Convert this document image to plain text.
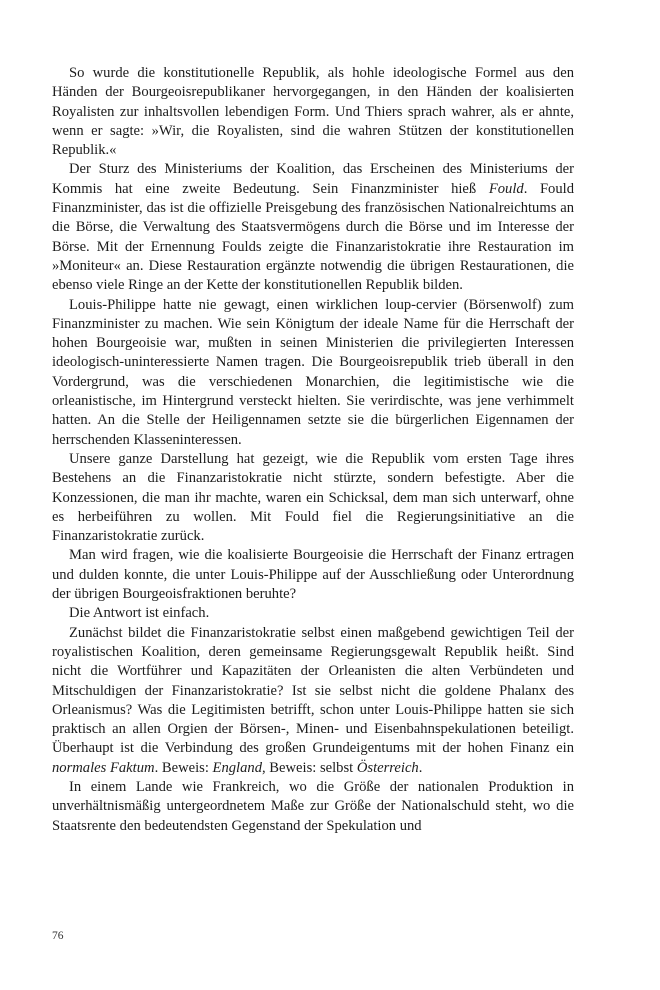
So wurde die konstitutionelle Republik, als hohle ideologische Formel aus den Händen der Bourgeoisrepublikaner hervorgegangen, in den Händen der koalisierten Royalisten zur inhaltsvollen lebendigen Form. Und Thiers sprach wahrer, als er ahnte, wenn er sagte: »Wir, die Royalisten, sind die wahren Stützen der konstitutionellen Republik.«

Der Sturz des Ministeriums der Koalition, das Erscheinen des Ministeriums der Kommis hat eine zweite Bedeutung. Sein Finanzminister hieß Fould. Fould Finanzminister, das ist die offizielle Preisgebung des französischen Nationalreichtums an die Börse, die Verwaltung des Staatsvermögens durch die Börse und im Interesse der Börse. Mit der Ernennung Foulds zeigte die Finanzaristokratie ihre Restauration im »Moniteur« an. Diese Restauration ergänzte notwendig die übrigen Restaurationen, die ebenso viele Ringe an der Kette der konstitutionellen Republik bilden.

Louis-Philippe hatte nie gewagt, einen wirklichen loup-cervier (Börsenwolf) zum Finanzminister zu machen. Wie sein Königtum der ideale Name für die Herrschaft der hohen Bourgeoisie war, mußten in seinen Ministerien die privilegierten Interessen ideologisch-uninteressierte Namen tragen. Die Bourgeoisrepublik trieb überall in den Vordergrund, was die verschiedenen Monarchien, die legitimistische wie die orleanistische, im Hintergrund versteckt hielten. Sie verirdischte, was jene verhimmelt hatten. An die Stelle der Heiligennamen setzte sie die bürgerlichen Eigennamen der herrschenden Klasseninteressen.

Unsere ganze Darstellung hat gezeigt, wie die Republik vom ersten Tage ihres Bestehens an die Finanzaristokratie nicht stürzte, sondern befestigte. Aber die Konzessionen, die man ihr machte, waren ein Schicksal, dem man sich unterwarf, ohne es herbeiführen zu wollen. Mit Fould fiel die Regierungsinitiative an die Finanzaristokratie zurück.

Man wird fragen, wie die koalisierte Bourgeoisie die Herrschaft der Finanz ertragen und dulden konnte, die unter Louis-Philippe auf der Ausschließung oder Unterordnung der übrigen Bourgeoisfraktionen beruhte?

Die Antwort ist einfach.

Zunächst bildet die Finanzaristokratie selbst einen maßgebend gewichtigen Teil der royalistischen Koalition, deren gemeinsame Regierungsgewalt Republik heißt. Sind nicht die Wortführer und Kapazitäten der Orleanisten die alten Verbündeten und Mitschuldigen der Finanzaristokratie? Ist sie selbst nicht die goldene Phalanx des Orleanismus? Was die Legitimisten betrifft, schon unter Louis-Philippe hatten sie sich praktisch an allen Orgien der Börsen-, Minen- und Eisenbahnspekulationen beteiligt. Überhaupt ist die Verbindung des großen Grundeigentums mit der hohen Finanz ein normales Faktum. Beweis: England, Beweis: selbst Österreich.

In einem Lande wie Frankreich, wo die Größe der nationalen Produktion in unverhältnismäßig untergeordnetem Maße zur Größe der Nationalschuld steht, wo die Staatsrente den bedeutendsten Gegenstand der Spekulation und

76
